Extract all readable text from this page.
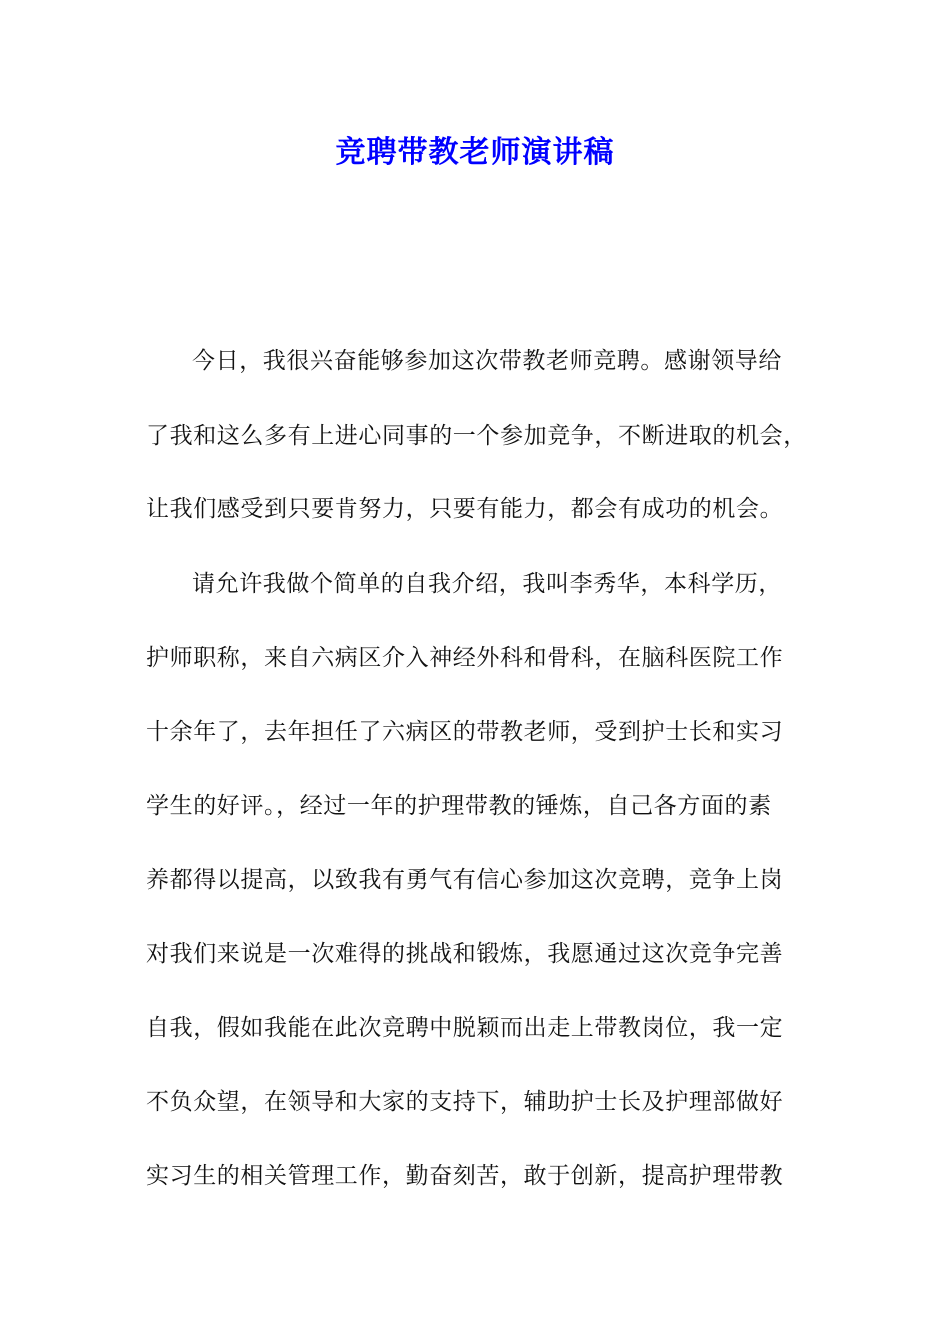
竞聘带教老师演讲稿
今日，我很兴奋能够参加这次带教老师竞聘。感谢领导给
了我和这么多有上进心同事的一个参加竞争，不断进取的机会，
让我们感受到只要肯努力，只要有能力，都会有成功的机会。
请允许我做个简单的自我介绍，我叫李秀华，本科学历，
护师职称，来自六病区介入神经外科和骨科，在脑科医院工作
十余年了，去年担任了六病区的带教老师，受到护士长和实习
学生的好评。，经过一年的护理带教的锤炼，自己各方面的素
养都得以提高，以致我有勇气有信心参加这次竞聘，竞争上岗
对我们来说是一次难得的挑战和锻炼，我愿通过这次竞争完善
自我，假如我能在此次竞聘中脱颖而出走上带教岗位，我一定
不负众望，在领导和大家的支持下，辅助护士长及护理部做好
实习生的相关管理工作，勤奋刻苦，敢于创新，提高护理带教
